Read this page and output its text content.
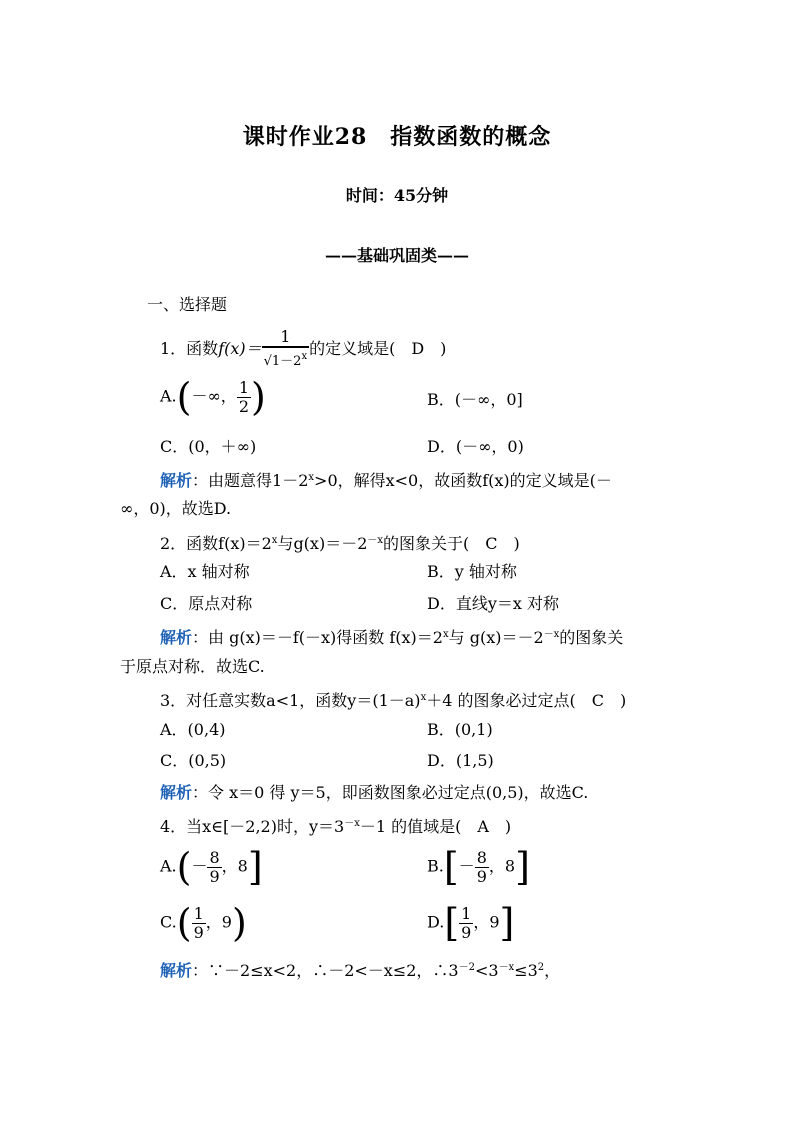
课时作业28　指数函数的概念
时间：45分钟
——基础巩固类——
一、选择题
1．函数$f(x)= \frac{1}{√1-2^x}$ 的定义域是(　D　)
A.(－∞， $\frac{1}{2}$ )	B．(－∞，0]
C．(0，＋∞)	D．(－∞，0)
解析：由题意得$1-2^x>0$，解得x<0，故函数f(x)的定义域是(－
∞，0)，故选D.
2．函数$f(x)=2^x$与$g(x)=-2^{-x}$的图象关于(　C　)
A．x 轴对称	B．y 轴对称
C．原点对称	D．直线y＝x 对称
解析：由 g(x)＝－f(－x)得函数 $f(x)=2^x$与 $g(x)=-2^{-x}$的图象关
于原点对称．故选C.
3．对任意实数a<1，函数$y=(1-a)^x+4$ 的图象必过定点(　C　)
A．(0,4)	B．(0,1)
C．(0,5)	D．(1,5)
解析：令 x＝0 得 y＝5，即函数图象必过定点(0,5)，故选C.
4．当x∈[－2,2)时，$y=3^{-x}-1$ 的值域是(　A　)
$A.(- \frac{8}{9}$ ，8]	$B.[- \frac{8}{9}$ ，8]
$C.( \frac{1}{9}$ ，9)	$D.[ \frac{1}{9}$ ，9]
解析：∵－2≤x<2，∴－2<－x≤2，$\therefore 3^{-2}<3^{-x}\le 3^2$，
